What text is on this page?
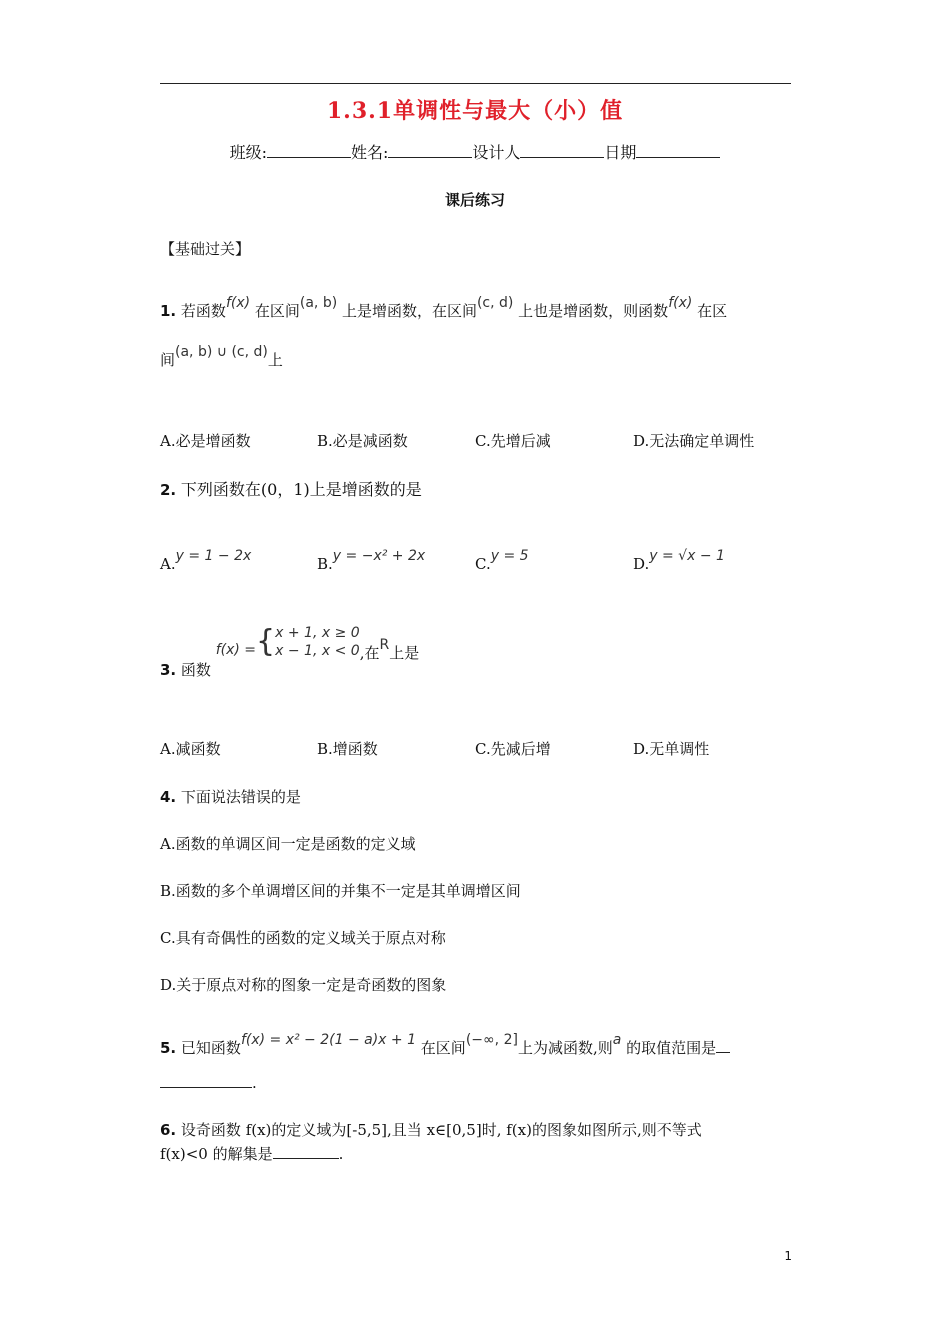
1.3.1单调性与最大（小）值
班级:	姓名:	设计人	日期
课后练习
【基础过关】
1. 若函数f(x) 在区间(a, b) 上是增函数，在区间(c, d) 上也是增函数，则函数f(x) 在区
间(a, b) ∪ (c, d)上
A.必是增函数	B.必是减函数	C.先增后减	D.无法确定单调性
2. 下列函数在(0，1)上是增函数的是
A.y = 1 − 2x	B.y = −x² + 2x	C.y = 5	D.y = √x − 1
3. 函数 f(x) ={x + 1, x ≥ 0
x − 1, x < 0,在R上是
A.减函数	B.增函数	C.先减后增	D.无单调性
4. 下面说法错误的是
A.函数的单调区间一定是函数的定义域
B.函数的多个单调增区间的并集不一定是其单调增区间
C.具有奇偶性的函数的定义域关于原点对称
D.关于原点对称的图象一定是奇函数的图象
5. 已知函数f(x) = x² − 2(1 − a)x + 1 在区间(−∞, 2]上为减函数,则a 的取值范围是
.
6. 设奇函数 f(x)的定义域为[-5,5],且当 x∈[0,5]时, f(x)的图象如图所示,则不等式
f(x)<0 的解集是	.
1
